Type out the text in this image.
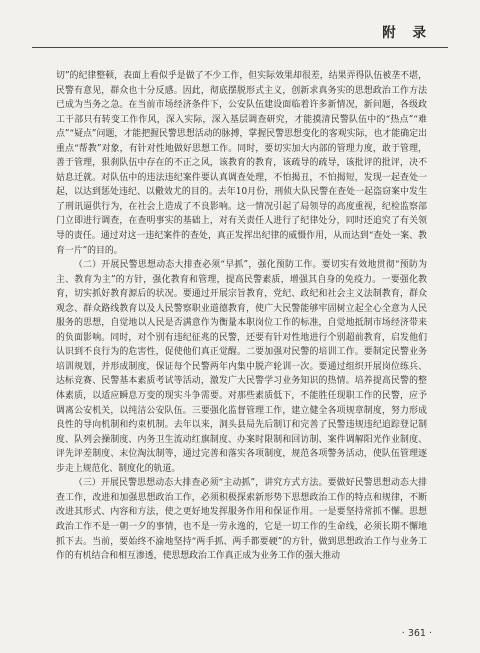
附 录

切”的纪律整顿，表面上看似乎是做了不少工作，但实际效果却很差，结果弄得队伍被垄不堪，民警有意见，群众也十分反感。因此，彻底摆脱形式主义，创新求真务实的思想政治工作方法已成为当务之急。在当前市场经济条件下，公安队伍建设面临着许多新情况，新问题，各级政工干部只有转变工作作风，深入实际，深入基层调查研究，才能摸清民警队伍中的“热点”“难点”“疑点”问题，才能把握民警思想活动的脉搏，掌握民警思想变化的客观实际，也才能确定出重点“帮教”对象，有针对性地做好思想工作。同时，要切实加大内部的管理力度，敢于管理，善于管理，狠刹队伍中存在的不正之风，该教育的教育，该疏导的疏导，该批评的批评，决不姑息迁就。对队伍中的违法违纪案件要认真调查处理，不怕揭丑，不怕揭短，发现一起查处一起，以达到惩处违纪、以儆效尤的目的。去年10月份，刑侦大队民警在查处一起盗窃案中发生了刑讯逼供行为，在社会上造成了不良影响。这一情况引起了局领导的高度重视，纪检监察部门立即进行调查，在查明事实的基础上，对有关责任人进行了纪律处分，同时还追究了有关领导的责任。通过对这一违纪案件的查处，真正发挥出纪律的威慑作用，从而达到“查处一案、教育一片”的目的。

（二）开展民警思想动态大排查必须“早抓”，强化预防工作。要切实有效地贯彻“预防为主、教育为主”的方针，强化教育和管理，提高民警素质，增强其自身的免疫力。一要强化教育，切实抓好教育源后的状况。要通过开展宗旨教育，党纪、政纪和社会主义法制教育，群众观念、群众路线教育以及人民警察职业道德教育，使广大民警能够牢固树立起全心全意为人民服务的思想，自觉地以人民是否满意作为衡量本职岗位工作的标准，自觉地抵制市场经济带来的负面影响。同时，对个别有违纪征兆的民警，还要有针对性地进行个别超前教育，启发他们认识到不良行为的危害性，促使他们真正觉醒。二要加强对民警的培训工作。要制定民警业务培训规划，并形成制度，保证每个民警两年内集中脱产轮训一次。要通过组织开展岗位练兵、达标竞赛、民警基本素质考试等活动，激发广大民警学习业务知识的热情。培养提高民警的整体素质，以适应瞬息万变的现实斗争需要。对那些素质低下，不能胜任现职工作的民警，应予调离公安机关，以纯洁公安队伍。三要强化监督管理工作，建立健全各项规章制度，努力形成良性的导向机制和约束机制。去年以来，洞头县局先后制订和完善了民警违规违纪追踪登记制度、队列会操制度、内务卫生流动红旗制度、办案时限制和回访制、案件调解阳光作业制度、评先评差制度、末位淘汰制等，通过完善和落实各项制度，规范各项警务活动，使队伍管理逐步走上规范化、制度化的轨道。

（三）开展民警思想动态大排查必须“主动抓”，讲究方式方法。要做好民警思想动态大排查工作，改进和加强思想政治工作，必须积极探索新形势下思想政治工作的特点和规律，不断改进其形式、内容和方法，使之更好地发挥服务作用和保证作用。一是要坚持常抓不懈。思想政治工作不是一朝一夕的事情，也不是一劳永逸的，它是一切工作的生命线，必须长期不懈地抓下去。当前，要始终不渝地坚持“两手抓、两手都要硬”的方针，做到思想政治工作与业务工作的有机结合和相互渗透，使思想政治工作真正成为业务工作的强大推动

· 361 ·
